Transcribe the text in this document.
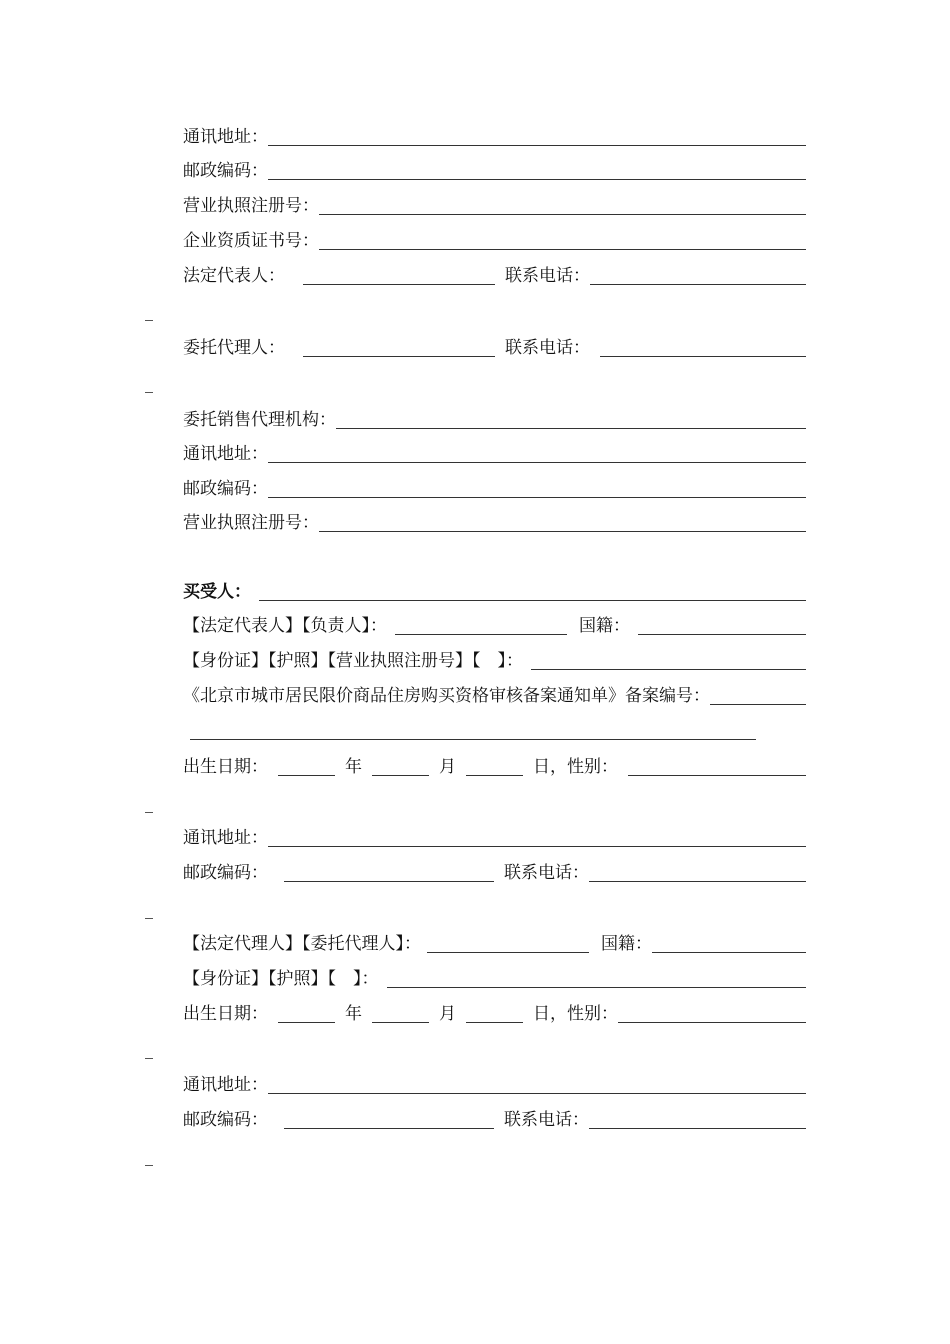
通讯地址：
邮政编码：
营业执照注册号：
企业资质证书号：
法定代表人：	联系电话：
委托代理人：	联系电话：
委托销售代理机构：
通讯地址：
邮政编码：
营业执照注册号：
买受人：
【法定代表人】【负责人】：	国籍：
【身份证】【护照】【营业执照注册号】【　】：
《北京市城市居民限价商品住房购买资格审核备案通知单》备案编号：
出生日期：	年	月	日，性别：
通讯地址：
邮政编码：	联系电话：
【法定代理人】【委托代理人】：	国籍：
【身份证】【护照】【　】：
出生日期：	年	月	日，性别：
通讯地址：
邮政编码：	联系电话：
